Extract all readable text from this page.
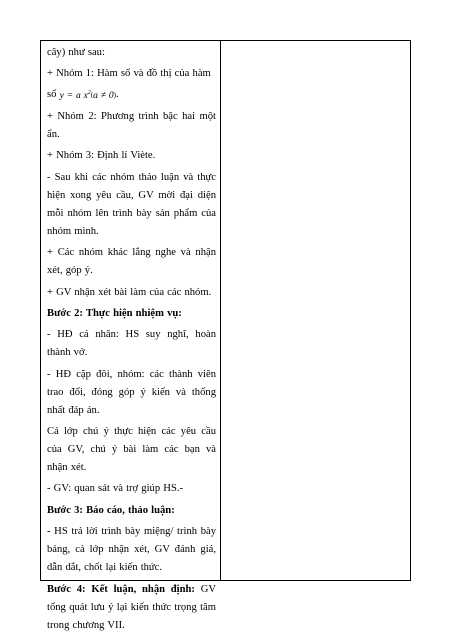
cây) như sau:

+ Nhóm 1: Hàm số và đồ thị của hàm

số y = a $x^2(a \ne 0)$.

+ Nhóm 2: Phương trình bậc hai một ẩn.

+ Nhóm 3: Định lí Viète.

- Sau khi các nhóm thảo luận và thực hiện xong yêu cầu, GV mời đại diện mỗi nhóm lên trình bày sản phẩm của nhóm mình.

+ Các nhóm khác lắng nghe và nhận xét, góp ý.

+ GV nhận xét bài làm của các nhóm.

Bước 2: Thực hiện nhiệm vụ:

- HĐ cá nhân: HS suy nghĩ, hoàn thành vở.

- HĐ cặp đôi, nhóm: các thành viên trao đổi, đóng góp ý kiến và thống nhất đáp án.

Cả lớp chú ý thực hiện các yêu cầu của GV, chú ý bài làm các bạn và nhận xét.

- GV: quan sát và trợ giúp HS.-

Bước 3: Báo cáo, thảo luận:

- HS trả lời trình bày miệng/ trình bày bảng, cả lớp nhận xét, GV đánh giá, dẫn dắt, chốt lại kiến thức.

Bước 4: Kết luận, nhận định: GV tổng quát lưu ý lại kiến thức trọng tâm trong chương VII.
